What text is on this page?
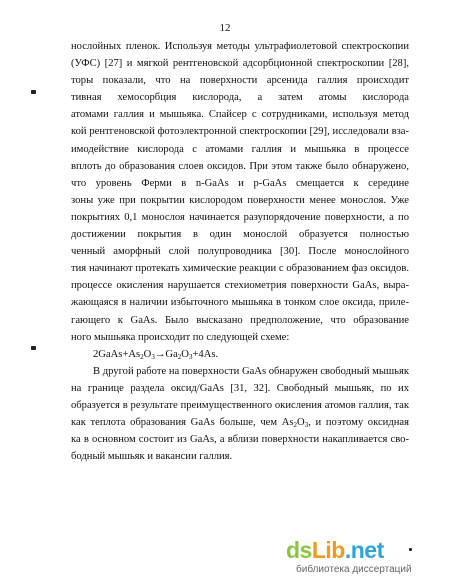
12
нослойных пленок. Используя методы ультрафиолетовой спектроскопии
(УФС) [27] и мягкой рентгеновской адсорбционной спектроскопии [28],
торы показали, что на поверхности арсенида галлия происходит
тивная хемосорбция кислорода, а затем атомы кислорода
атомами галлия и мышьяка. Спайсер с сотрудниками, используя метод
кой рентгеновской фотоэлектронной спектроскопии [29], исследовали вза-
имодействие кислорода с атомами галлия и мышьяка в процессе
вплоть до образования слоев оксидов. При этом также было обнаружено,
что уровень Ферми в n-GaAs и p-GaAs смещается к середине
зоны уже при покрытии кислородом поверхности менее монослоя. Уже
покрытиях 0,1 монослоя начинается разупорядочение поверхности, а по
достижении покрытия в один монослой образуется полностью
ченный аморфный слой полупроводника [30]. После монослойного
тия начинают протекать химические реакции с образованием фаз оксидов.
процессе окисления нарушается стехиометрия поверхности GaAs, выра-
жающаяся в наличии избыточного мышьяка в тонком слое оксида, приле-
гающего к GaAs. Было высказано предположение, что образование
ного мышьяка происходит по следующей схеме:
$2GaAs+As_2O_3\to Ga_2O_3+4As$.
В другой работе на поверхности GaAs обнаружен свободный мышьяк
на границе раздела оксид/GaAs [31, 32]. Свободный мышьяк, по их
образуется в результате преимущественного окисления атомов галлия, так
как теплота образования GaAs больше, чем $As_2O_3$, и поэтому оксидная
ка в основном состоит из GaAs, а вблизи поверхности накапливается сво-
бодный мышьяк и вакансии галлия.
dsLib.net
библиотека диссертаций
